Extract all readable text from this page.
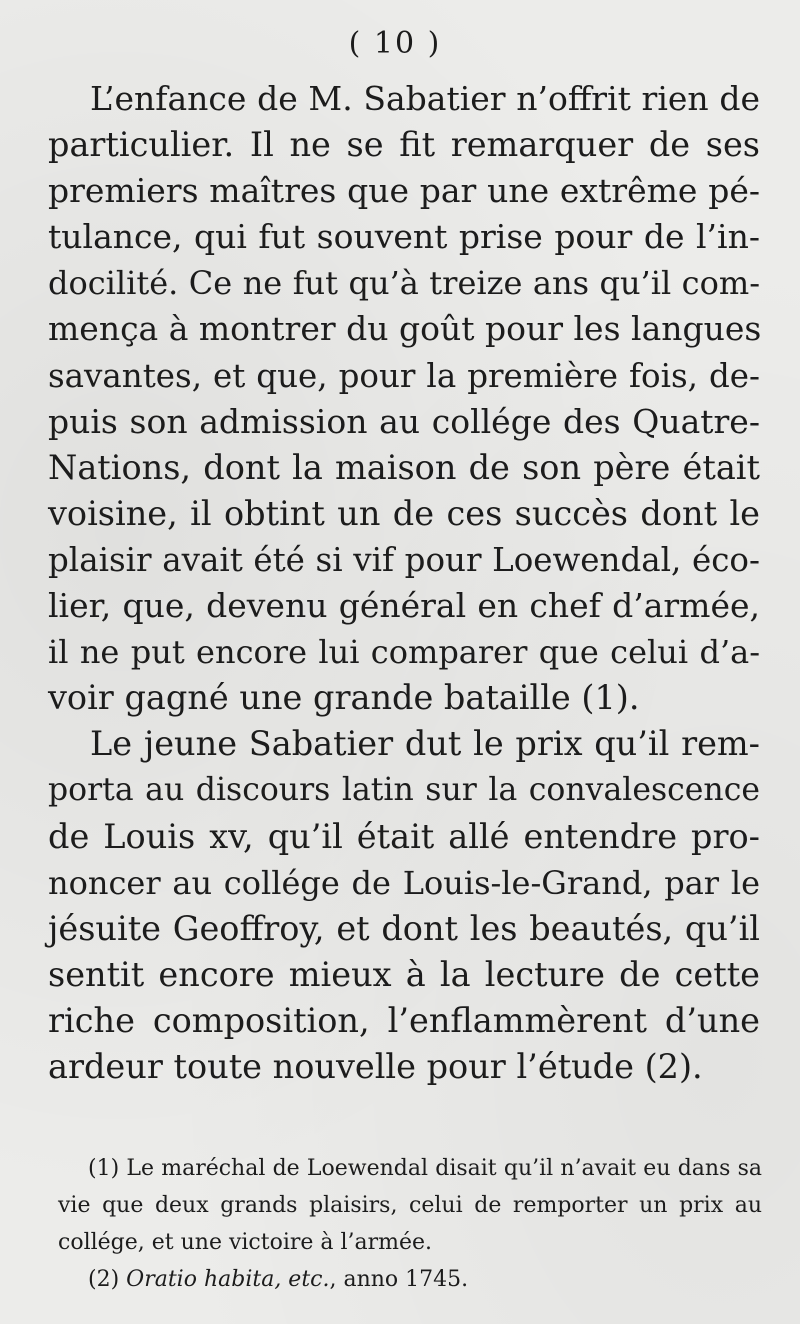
( 10 )
L’enfance de M. Sabatier n’offrit rien de
particulier. Il ne se fit remarquer de ses
premiers maîtres que par une extrême pé-
tulance, qui fut souvent prise pour de l’in-
docilité. Ce ne fut qu’à treize ans qu’il com-
mença à montrer du goût pour les langues
savantes, et que, pour la première fois, de-
puis son admission au collége des Quatre-
Nations, dont la maison de son père était
voisine, il obtint un de ces succès dont le
plaisir avait été si vif pour Loewendal, éco-
lier, que, devenu général en chef d’armée,
il ne put encore lui comparer que celui d’a-
voir gagné une grande bataille (1).
Le jeune Sabatier dut le prix qu’il rem-
porta au discours latin sur la convalescence
de Louis xv, qu’il était allé entendre pro-
noncer au collége de Louis-le-Grand, par le
jésuite Geoffroy, et dont les beautés, qu’il
sentit encore mieux à la lecture de cette
riche composition, l’enflammèrent d’une
ardeur toute nouvelle pour l’étude (2).
(1) Le maréchal de Loewendal disait qu’il n’avait eu dans sa
vie que deux grands plaisirs, celui de remporter un prix au
collége, et une victoire à l’armée.
(2) Oratio habita, etc., anno 1745.
